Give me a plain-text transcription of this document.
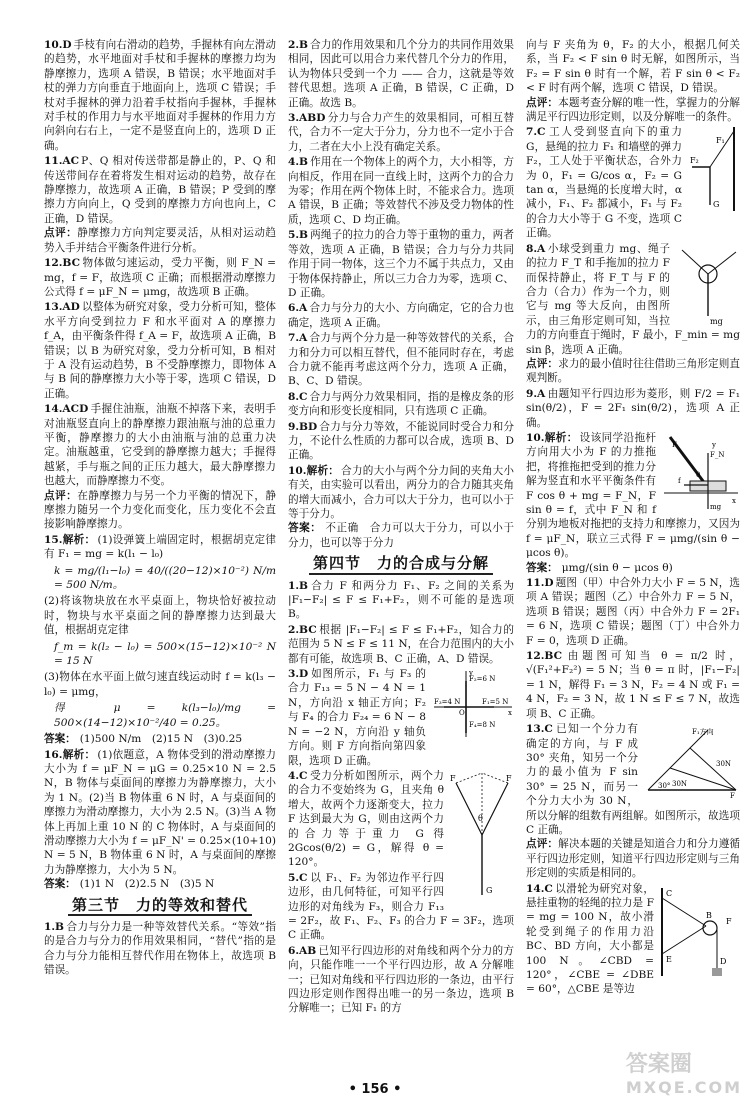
10.D 手枝有向右滑动的趋势，手握林有向左滑动的趋势，水平地面对手杖和手握林的摩擦力均为静摩擦力，选项 A 错误，B 错误；水平地面对手杖的弹力方向垂直于地面向上，选项 C 错误；手杖对手握林的弹力沿着手杖指向手握林，手握林对手杖的作用力与水平地面对手握林的作用力方向斜向右右上，一定不是竖直向上的，选项 D 正确。
11.AC P、Q 相对传送带都是静止的，P、Q 和传送带间存在着将发生相对运动的趋势，故存在静摩擦力，故选项 A 正确，B 错误；P 受到的摩擦力方向向上，Q 受到的摩擦力方向也向上，C 正确，D 错误。
点评：静摩擦力方向判定要灵活，从相对运动趋势入手并结合平衡条件进行分析。
12.BC 物体做匀速运动，受力平衡，则 F_N = mg，f = F，故选项 C 正确；而根据滑动摩擦力公式得 f = μF_N = μmg，故选项 B 正确。
13.AD 以整体为研究对象，受力分析可知，整体水平方向受到拉力 F 和水平面对 A 的摩擦力 f_A，由平衡条件得 f_A = F，故选项 A 正确，B 错误；以 B 为研究对象，受力分析可知，B 相对于 A 没有运动趋势，B 不受静摩擦力，即物体 A 与 B 间的静摩擦力大小等于零，选项 C 错误，D 正确。
14.ACD 手握住油瓶，油瓶不掉落下来，表明手对油瓶竖直向上的静摩擦力跟油瓶与油的总重力平衡，静摩擦力的大小由油瓶与油的总重力决定。油瓶越重，它受到的静摩擦力越大；手握得越紧，手与瓶之间的正压力越大，最大静摩擦力也越大，而静摩擦力不变。
点评：在静摩擦力与另一个力平衡的情况下，静摩擦力随另一个力变化而变化，压力变化不会直接影响静摩擦力。
15.解析： (1)设弹簧上端固定时，根据胡克定律有 F₁ = mg = k(l₁ − l₀)
k = mg/(l₁−l₀) = 40/((20−12)×10⁻²) N/m = 500 N/m。
(2)将该物块放在水平桌面上，物块恰好被拉动时，物块与水平桌面之间的静摩擦力达到最大值，根据胡克定律
f_m = k(l₂ − l₀) = 500×(15−12)×10⁻² N = 15 N
(3)物体在水平面上做匀速直线运动时 f = k(l₃ − l₀) = μmg，
得 μ = k(l₃−l₀)/mg = 500×(14−12)×10⁻²/40 = 0.25。
答案： (1)500 N/m　(2)15 N　(3)0.25
16.解析： (1)依题意，A 物体受到的滑动摩擦力大小为 f = μF_N = μG = 0.25×10 N = 2.5 N，B 物体与桌面间的摩擦力为静摩擦力，大小为 1 N。(2)当 B 物体重 6 N 时，A 与桌面间的摩擦力为滑动摩擦力，大小为 2.5 N。(3)当 A 物体上再加上重 10 N 的 C 物体时，A 与桌面间的滑动摩擦力大小为 f = μF_N' = 0.25×(10+10) N = 5 N，B 物体重 6 N 时，A 与桌面间的摩擦力为静摩擦力，大小为 5 N。
答案： (1)1 N　(2)2.5 N　(3)5 N
第三节　力的等效和替代
1.B 合力与分力是一种等效替代关系。“等效”指的是合力与分力的作用效果相同，“替代”指的是合力与分力能相互替代作用在物体上，故选项 B 错误。
2.B 合力的作用效果和几个分力的共同作用效果相同，因此可以用合力来代替几个分力的作用，认为物体只受到一个力 —— 合力，这就是等效替代思想。选项 A 正确，B 错误，C 正确，D 正确。故选 B。
3.ABD 分力与合力产生的效果相同，可相互替代，合力不一定大于分力，分力也不一定小于合力，二者在大小上没有确定关系。
4.B 作用在一个物体上的两个力，大小相等，方向相反，作用在同一直线上时，这两个力的合力为零；作用在两个物体上时，不能求合力。选项 A 错误，B 正确；等效替代不涉及受力物体的性质，选项 C、D 均正确。
5.B 两绳子的拉力的合力等于重物的重力，两者等效，选项 A 正确，B 错误；合力与分力共同作用于同一物体，这三个力不属于共点力，又由于物体保持静止，所以三力合力为零，选项 C、D 正确。
6.A 合力与分力的大小、方向确定，它的合力也确定，选项 A 正确。
7.A 合力与两个分力是一种等效替代的关系，合力和分力可以相互替代，但不能同时存在，考虑合力就不能再考虑这两个分力，选项 A 正确，B、C、D 错误。
8.C 合力与两分力效果相同，指的是橡皮条的形变方向和形变长度相同，只有选项 C 正确。
9.BD 合力与分力等效，不能说同时受合力和分力，不论什么性质的力都可以合成，选项 B、D 正确。
10.解析： 合力的大小与两个分力间的夹角大小有关，由实验可以看出，两分力的合力随其夹角的增大而减小，合力可以大于分力，也可以小于等于分力。
答案： 不正确　合力可以大于分力，可以小于分力，也可以等于分力
第四节　力的合成与分解
1.B 合力 F 和两分力 F₁、F₂ 之间的关系为 |F₁−F₂| ≤ F ≤ F₁+F₂，则不可能的是选项 B。
2.BC 根据 |F₁−F₂| ≤ F ≤ F₁+F₂，知合力的范围为 5 N ≤ F ≤ 11 N，在合力范围内的大小都有可能，故选项 B、C 正确，A、D 错误。
F₂=6 N
F₁=5 N
F₃=4 N
F₄=8 N
x
y
O
3.D 如图所示，F₁ 与 F₃ 的合力 F₁₃ = 5 N − 4 N = 1 N，方向沿 x 轴正方向；F₂ 与 F₄ 的合力 F₂₄ = 6 N − 8 N = −2 N，方向沿 y 轴负方向。则 F 方向指向第四象限，选项 D 正确。
F	F
θ
G
4.C 受力分析如图所示，两个力的合力不变始终为 G，且夹角 θ 增大，故两个力逐渐变大，拉力 F 达到最大为 G，则由这两个力的合力等于重力 G 得 2Gcos(θ/2) = G，解得 θ = 120°。
5.C 以 F₁、F₂ 为邻边作平行四边形，由几何特征，可知平行四边形的对角线为 F₃，则合力 F₁₃ = 2F₂，故 F₁、F₂、F₃ 的合力 F = 3F₂，选项 C 正确。
6.AB 已知平行四边形的对角线和两个分力的方向，只能作唯一一个平行四边形，故 A 分解唯一；已知对角线和平行四边形的一条边，由平行四边形定则作图得出唯一的另一条边，选项 B 分解唯一；已知 F₁ 的方
向与 F 夹角为 θ，F₂ 的大小，根据几何关系，当 F₂ < F sin θ 时无解，如图所示，当 F₂ = F sin θ 时有一个解，若 F sin θ < F₂ < F 时有两个解，选项 C 错误，D 错误。
点评：本题考查分解的唯一性，掌握力的分解满足平行四边形定则，以及分解唯一的条件。
F₁
F₂
G
7.C 工人受到竖直向下的重力 G，悬绳的拉力 F₁ 和墙壁的弹力 F₂，工人处于平衡状态，合外力为 0，F₁ = G/cos α，F₂ = G tan α，当悬绳的长度增大时，α 减小，F₁、F₂ 都减小，F₁ 与 F₂ 的合力大小等于 G 不变，选项 C 正确。
mg
8.A 小球受到重力 mg、绳子的拉力 F_T 和手拖加的拉力 F 而保持静止，将 F_T 与 F 的合力（合力）作为一个力，则它与 mg 等大反向，由图所示，由三角形定则可知，当拉力的方向垂直于绳时，F 最小，F_min = mg sin β，选项 A 正确。
点评：求力的最小值时往往借助三角形定则直观判断。
9.A 由题知平行四边形为菱形，则 F/2 = F₁ sin(θ/2)，F = 2F₁ sin(θ/2)，选项 A 正确。
F_N
mg
f
F
θ
x
y
10.解析： 设该同学沿拖杆方向用大小为 F 的力推拖把，将推拖把受到的推力分解为竖直和水平平衡条件有 F cos θ + mg = F_N，F sin θ = f，式中 F_N 和 f 分别为地板对拖把的支持力和摩擦力，又因为 f = μF_N，联立三式得 F = μmg/(sin θ − μcos θ)。
答案： μmg/(sin θ − μcos θ)
11.D 题图（甲）中合外力大小 F = 5 N，选项 A 错误；题图（乙）中合外力 F = 5 N，选项 B 错误；题图（丙）中合外力 F = 2F₁ = 6 N，选项 C 错误；题图（丁）中合外力 F = 0，选项 D 正确。
12.BC 由题图可知当 θ = π/2 时，√(F₁²+F₂²) = 5 N；当 θ = π 时，|F₁−F₂| = 1 N，解得 F₁ = 3 N，F₂ = 4 N 或 F₁ = 4 N，F₂ = 3 N，故 1 N ≤ F ≤ 7 N，故选项 B、C 正确。
F₁方向
30N
30N
30°
F
13.C 已知一个分力有确定的方向，与 F 成 30° 夹角，知另一个分力的最小值为 F sin 30° = 25 N，而另一个分力大小为 30 N，所以分解的组数有两组解。如图所示，故选项 C 正确。
点评：解决本题的关键是知道合力和分力遵循平行四边形定则，知道平行四边形定则与三角形定则的实质是相同的。
C
D
B
E
F
14.C 以滑轮为研究对象，悬挂重物的轻绳的拉力是 F = mg = 100 N，故小滑轮受到绳子的作用力沿 BC、BD 方向，大小都是 100 N。∠CBD = 120°，∠CBE = ∠DBE = 60°，△CBE 是等边
• 156 •
答案圈
MXQE.COM
